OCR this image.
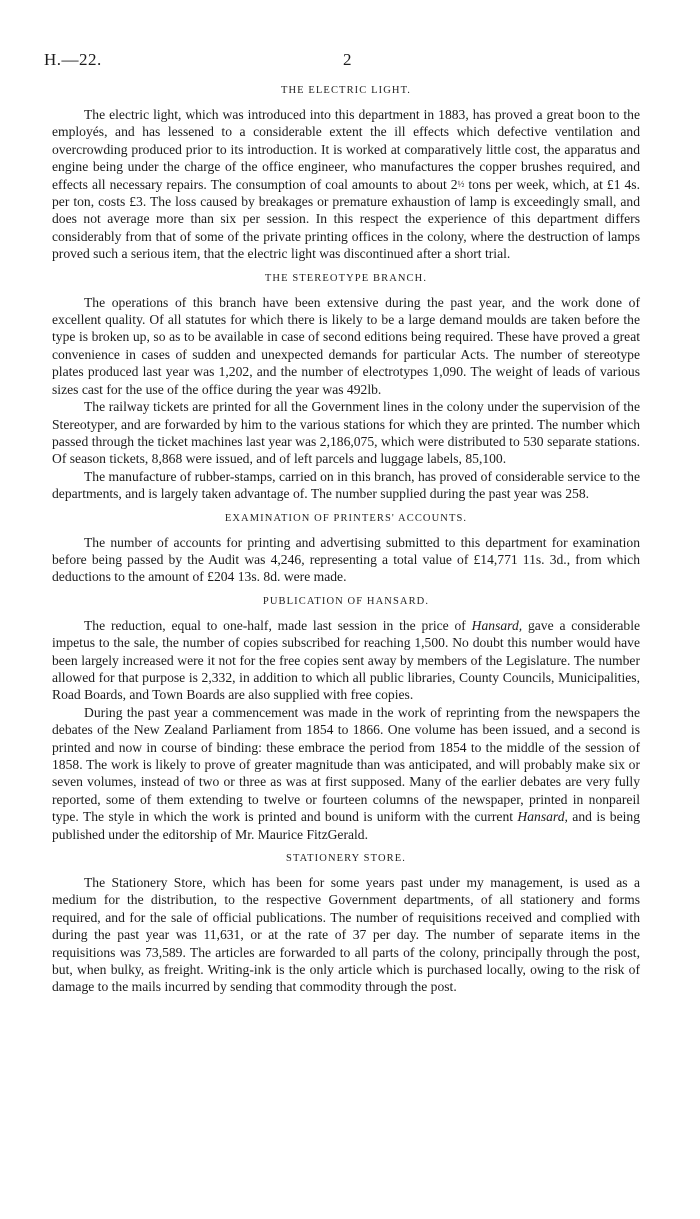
H.—22.	2
THE ELECTRIC LIGHT.

The electric light, which was introduced into this department in 1883, has proved a great boon to the employés, and has lessened to a considerable extent the ill effects which defective ventilation and overcrowding produced prior to its introduction. It is worked at comparatively little cost, the apparatus and engine being under the charge of the office engineer, who manufactures the copper brushes required, and effects all necessary repairs. The consumption of coal amounts to about 2½ tons per week, which, at £1 4s. per ton, costs £3. The loss caused by breakages or premature exhaustion of lamp is exceedingly small, and does not average more than six per session. In this respect the experience of this department differs considerably from that of some of the private printing offices in the colony, where the destruction of lamps proved such a serious item, that the electric light was discontinued after a short trial.

THE STEREOTYPE BRANCH.

The operations of this branch have been extensive during the past year, and the work done of excellent quality. Of all statutes for which there is likely to be a large demand moulds are taken before the type is broken up, so as to be available in case of second editions being required. These have proved a great convenience in cases of sudden and unexpected demands for particular Acts. The number of stereotype plates produced last year was 1,202, and the number of electrotypes 1,090. The weight of leads of various sizes cast for the use of the office during the year was 492lb.

The railway tickets are printed for all the Government lines in the colony under the supervision of the Stereotyper, and are forwarded by him to the various stations for which they are printed. The number which passed through the ticket machines last year was 2,186,075, which were distributed to 530 separate stations. Of season tickets, 8,868 were issued, and of left parcels and luggage labels, 85,100.

The manufacture of rubber-stamps, carried on in this branch, has proved of considerable service to the departments, and is largely taken advantage of. The number supplied during the past year was 258.

EXAMINATION OF PRINTERS' ACCOUNTS.

The number of accounts for printing and advertising submitted to this department for examination before being passed by the Audit was 4,246, representing a total value of £14,771 11s. 3d., from which deductions to the amount of £204 13s. 8d. were made.

PUBLICATION OF HANSARD.

The reduction, equal to one-half, made last session in the price of Hansard, gave a considerable impetus to the sale, the number of copies subscribed for reaching 1,500. No doubt this number would have been largely increased were it not for the free copies sent away by members of the Legislature. The number allowed for that purpose is 2,332, in addition to which all public libraries, County Councils, Municipalities, Road Boards, and Town Boards are also supplied with free copies.

During the past year a commencement was made in the work of reprinting from the newspapers the debates of the New Zealand Parliament from 1854 to 1866. One volume has been issued, and a second is printed and now in course of binding: these embrace the period from 1854 to the middle of the session of 1858. The work is likely to prove of greater magnitude than was anticipated, and will probably make six or seven volumes, instead of two or three as was at first supposed. Many of the earlier debates are very fully reported, some of them extending to twelve or fourteen columns of the newspaper, printed in nonpareil type. The style in which the work is printed and bound is uniform with the current Hansard, and is being published under the editorship of Mr. Maurice FitzGerald.

STATIONERY STORE.

The Stationery Store, which has been for some years past under my management, is used as a medium for the distribution, to the respective Government departments, of all stationery and forms required, and for the sale of official publications. The number of requisitions received and complied with during the past year was 11,631, or at the rate of 37 per day. The number of separate items in the requisitions was 73,589. The articles are forwarded to all parts of the colony, principally through the post, but, when bulky, as freight. Writing-ink is the only article which is purchased locally, owing to the risk of damage to the mails incurred by sending that commodity through the post.
